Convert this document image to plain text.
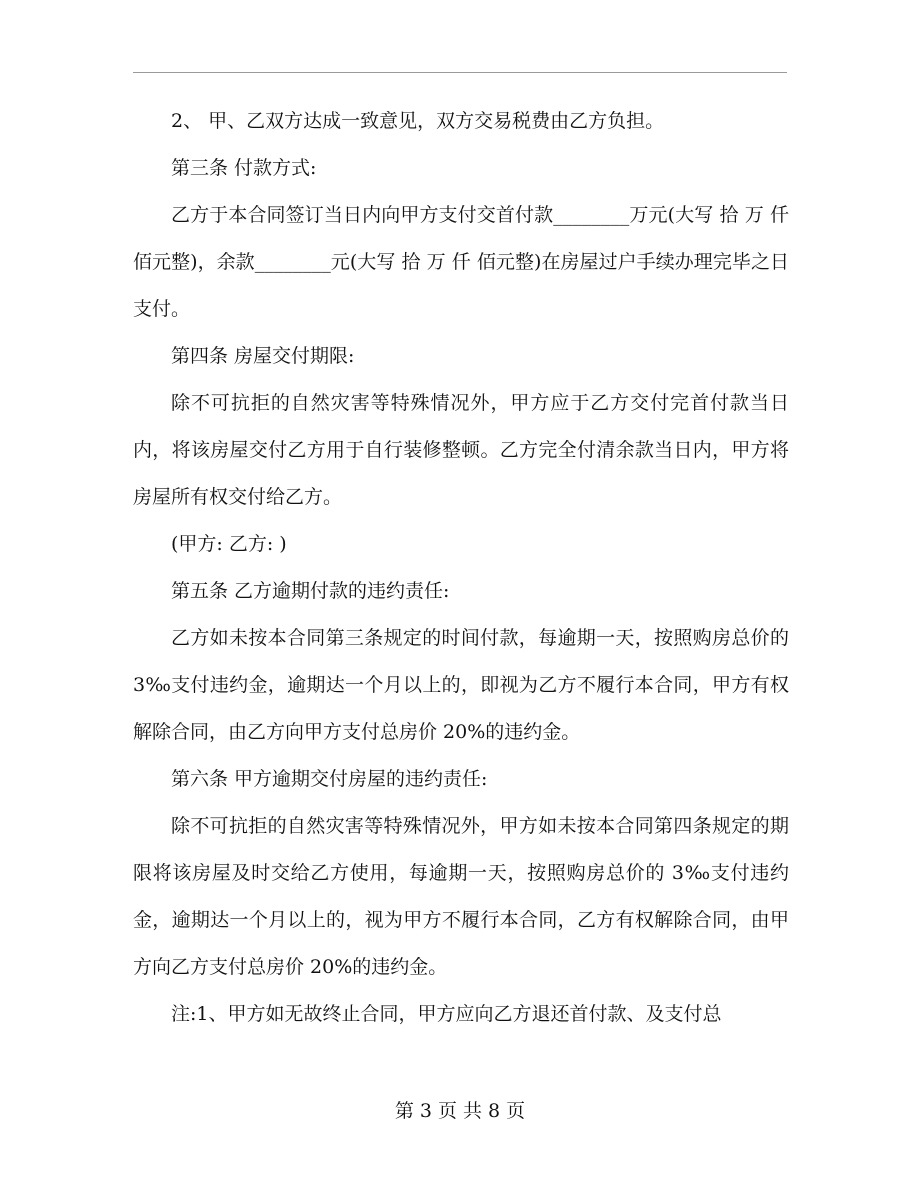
2、 甲、乙双方达成一致意见，双方交易税费由乙方负担。

第三条 付款方式:

乙方于本合同签订当日内向甲方支付交首付款________万元(大写 拾 万 仟 佰元整)，余款________元(大写 拾 万 仟 佰元整)在房屋过户手续办理完毕之日支付。

第四条 房屋交付期限:

除不可抗拒的自然灾害等特殊情况外，甲方应于乙方交付完首付款当日内，将该房屋交付乙方用于自行装修整顿。乙方完全付清余款当日内，甲方将房屋所有权交付给乙方。

(甲方: 乙方: )

第五条 乙方逾期付款的违约责任:

乙方如未按本合同第三条规定的时间付款，每逾期一天，按照购房总价的 3‰支付违约金，逾期达一个月以上的，即视为乙方不履行本合同，甲方有权解除合同，由乙方向甲方支付总房价 20%的违约金。

第六条 甲方逾期交付房屋的违约责任:

除不可抗拒的自然灾害等特殊情况外，甲方如未按本合同第四条规定的期限将该房屋及时交给乙方使用，每逾期一天，按照购房总价的 3‰支付违约金，逾期达一个月以上的，视为甲方不履行本合同，乙方有权解除合同，由甲方向乙方支付总房价 20%的违约金。

注:1、甲方如无故终止合同，甲方应向乙方退还首付款、及支付总

第 3 页 共 8 页
